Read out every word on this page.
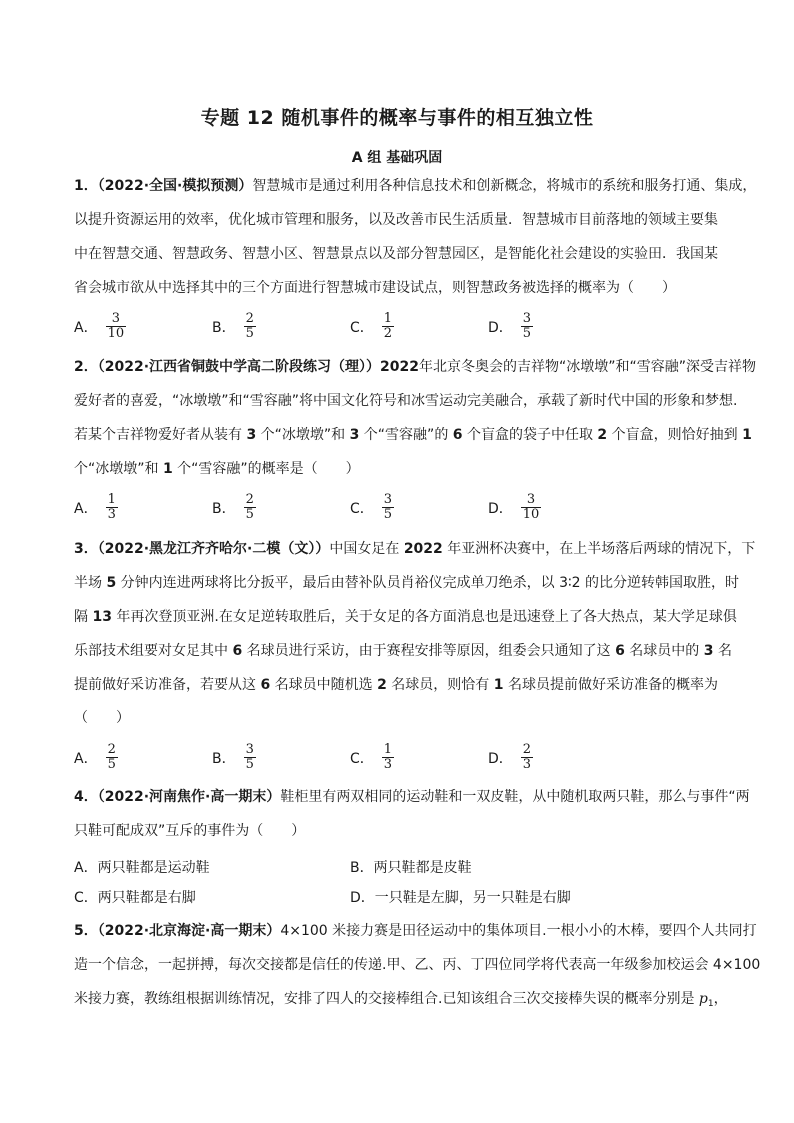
专题 12 随机事件的概率与事件的相互独立性
A 组 基础巩固
1．（2022·全国·模拟预测）智慧城市是通过利用各种信息技术和创新概念，将城市的系统和服务打通、集成，
以提升资源运用的效率，优化城市管理和服务，以及改善市民生活质量．智慧城市目前落地的领域主要集
中在智慧交通、智慧政务、智慧小区、智慧景点以及部分智慧园区，是智能化社会建设的实验田．我国某
省会城市欲从中选择其中的三个方面进行智慧城市建设试点，则智慧政务被选择的概率为（　　）
A． $\frac{3}{10}$	B． $\frac{2}{5}$	C． $\frac{1}{2}$	D． $\frac{3}{5}$
2．（2022·江西省铜鼓中学高二阶段练习（理））2022年北京冬奥会的吉祥物“冰墩墩”和“雪容融”深受吉祥物
爱好者的喜爱，“冰墩墩”和“雪容融”将中国文化符号和冰雪运动完美融合，承载了新时代中国的形象和梦想.
若某个吉祥物爱好者从装有 3 个“冰墩墩”和 3 个“雪容融”的 6 个盲盒的袋子中任取 2 个盲盒，则恰好抽到 1
个“冰墩墩”和 1 个“雪容融”的概率是（　　）
A． $\frac{1}{3}$	B． $\frac{2}{5}$	C． $\frac{3}{5}$	D． $\frac{3}{10}$
3．（2022·黑龙江齐齐哈尔·二模（文））中国女足在 2022 年亚洲杯决赛中，在上半场落后两球的情况下，下
半场 5 分钟内连进两球将比分扳平，最后由替补队员肖裕仪完成单刀绝杀，以 3∶2 的比分逆转韩国取胜，时
隔 13 年再次登顶亚洲.在女足逆转取胜后，关于女足的各方面消息也是迅速登上了各大热点，某大学足球俱
乐部技术组要对女足其中 6 名球员进行采访，由于赛程安排等原因，组委会只通知了这 6 名球员中的 3 名
提前做好采访准备，若要从这 6 名球员中随机选 2 名球员，则恰有 1 名球员提前做好采访准备的概率为
（　　）
A． $\frac{2}{5}$	B． $\frac{3}{5}$	C． $\frac{1}{3}$	D． $\frac{2}{3}$
4．（2022·河南焦作·高一期末）鞋柜里有两双相同的运动鞋和一双皮鞋，从中随机取两只鞋，那么与事件“两
只鞋可配成双”互斥的事件为（　　）
A．两只鞋都是运动鞋	B．两只鞋都是皮鞋
C．两只鞋都是右脚	D．一只鞋是左脚，另一只鞋是右脚
5．（2022·北京海淀·高一期末）4×100 米接力赛是田径运动中的集体项目.一根小小的木棒，要四个人共同打
造一个信念，一起拼搏，每次交接都是信任的传递.甲、乙、丙、丁四位同学将代表高一年级参加校运会 4×100
米接力赛，教练组根据训练情况，安排了四人的交接棒组合.已知该组合三次交接棒失误的概率分别是 $p_1$，
